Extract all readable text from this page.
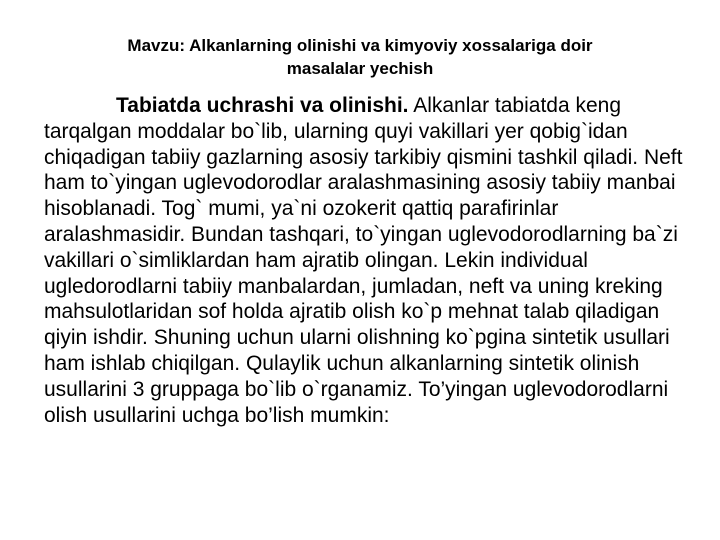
Mavzu: Alkanlarning olinishi va kimyoviy xossalariga doir
masalalar yechish

Tabiatda uchrashi va olinishi. Alkanlar tabiatda keng tarqalgan moddalar bo`lib, ularning quyi vakillari yer qobig`idan chiqadigan tabiiy gazlarning asosiy tarkibiy qismini tashkil qiladi. Neft ham to`yingan uglevodorodlar aralashmasining asosiy tabiiy manbai hisoblanadi. Tog` mumi, ya`ni ozokerit qattiq parafirinlar aralashmasidir. Bundan tashqari, to`yingan uglevodorodlarning ba`zi vakillari o`simliklardan ham ajratib olingan. Lekin individual ugledorodlarni tabiiy manbalardan, jumladan, neft va uning kreking mahsulotlaridan sof holda ajratib olish ko`p mehnat talab qiladigan qiyin ishdir. Shuning uchun ularni olishning ko`pgina sintetik usullari ham ishlab chiqilgan. Qulaylik uchun alkanlarning sintetik olinish usullarini 3 gruppaga bo`lib o`rganamiz. To’yingan uglevodorodlarni olish usullarini uchga bo’lish mumkin:
